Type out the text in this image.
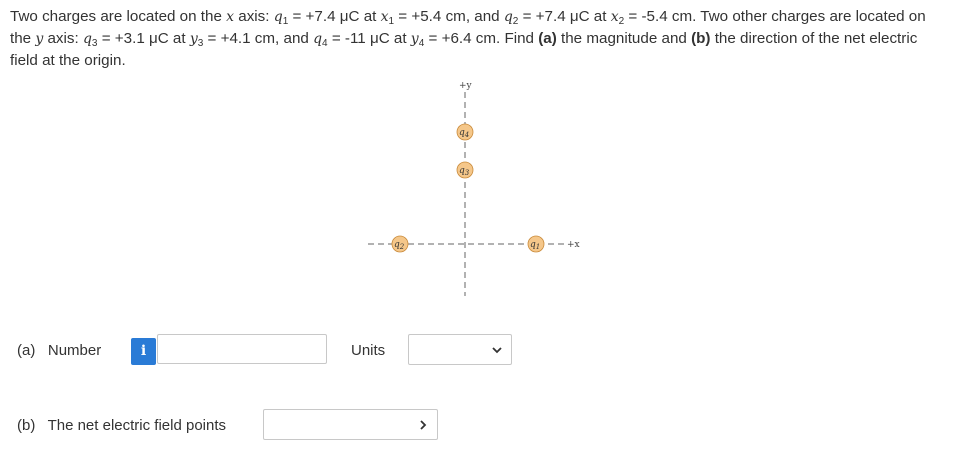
Two charges are located on the x axis: $q_1 = +7.4$ μC at $x_1 = +5.4$ cm, and $q_2 = +7.4$ μC at $x_2 = -5.4$ cm. Two other charges are located on
the y axis: $q_3 = +3.1$ μC at $y_3 = +4.1$ cm, and $q_4 = -11$ μC at $y_4 = +6.4$ cm. Find (a) the magnitude and (b) the direction of the net electric
field at the origin.
+y
+x
$q_4$
$q_3$
$q_2$	$q_1$
(a) Number	i	Units
(b) The net electric field points
